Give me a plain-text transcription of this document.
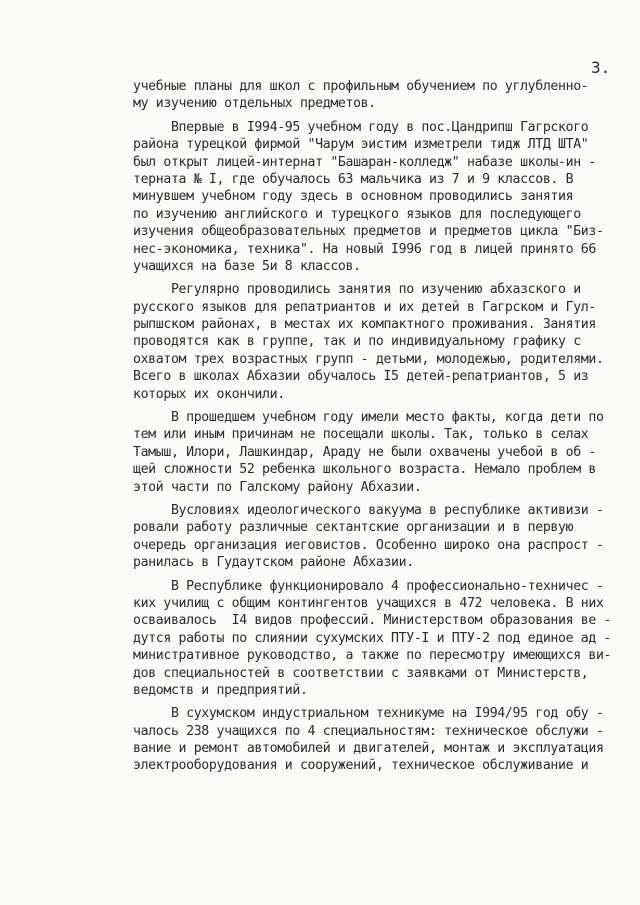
3.
учебные планы для школ с профильным обучением по углубленно-
му изучению отдельных предметов.
Впервые в I994-95 учебном году в пос.Цандрипш Гагрского
района турецкой фирмой "Чарум эистим изметрели тидж ЛТД ШТА"
был открыт лицей-интернат "Башаран-колледж" набазе школы-ин -
терната № I, где обучалось 63 мальчика из 7 и 9 классов. В
минувшем учебном году здесь в основном проводились занятия
по изучению английского и турецкого языков для последующего
изучения общеобразовательных предметов и предметов цикла "Биз-
нес-экономика, техника". На новый I996 год в лицей принято 66
учащихся на базе 5и 8 классов.
Регулярно проводились занятия по изучению абхазского и
русского языков для репатриантов и их детей в Гагрском и Гул-
рыпшском районах, в местах их компактного проживания. Занятия
проводятся как в группе, так и по индивидуальному графику с
охватом трех возрастных групп - детьми, молодежью, родителями.
Всего в школах Абхазии обучалось I5 детей-репатриантов, 5 из
которых их окончили.
В прошедшем учебном году имели место факты, когда дети по
тем или иным причинам не посещали школы. Так, только в селах
Тамыш, Илори, Лашкиндар, Араду не были охвачены учебой в об -
щей сложности 52 ребенка школьного возраста. Немало проблем в
этой части по Галскому району Абхазии.
Вусловиях идеологического вакуума в республике активизи -
ровали работу различные сектантские организации и в первую
очередь организация иеговистов. Особенно широко она распрост -
ранилась в Гудаутском районе Абхазии.
В Республике функционировало 4 профессионально-техничес -
ких училищ с общим контингентов учащихся в 472 человека. В них
осваивалось  I4 видов профессий. Министерством образования ве -
дутся работы по слиянии сухумских ПТУ-I и ПТУ-2 под единое ад -
министративное руководство, а также по пересмотру имеющихся ви-
дов специальностей в соответствии с заявками от Министерств,
ведомств и предприятий.
В сухумском индустриальном техникуме на I994/95 год обу -
чалось 238 учащихся по 4 специальностям: техническое обслужи -
вание и ремонт автомобилей и двигателей, монтаж и эксплуатация
электрооборудования и сооружений, техническое обслуживание и
